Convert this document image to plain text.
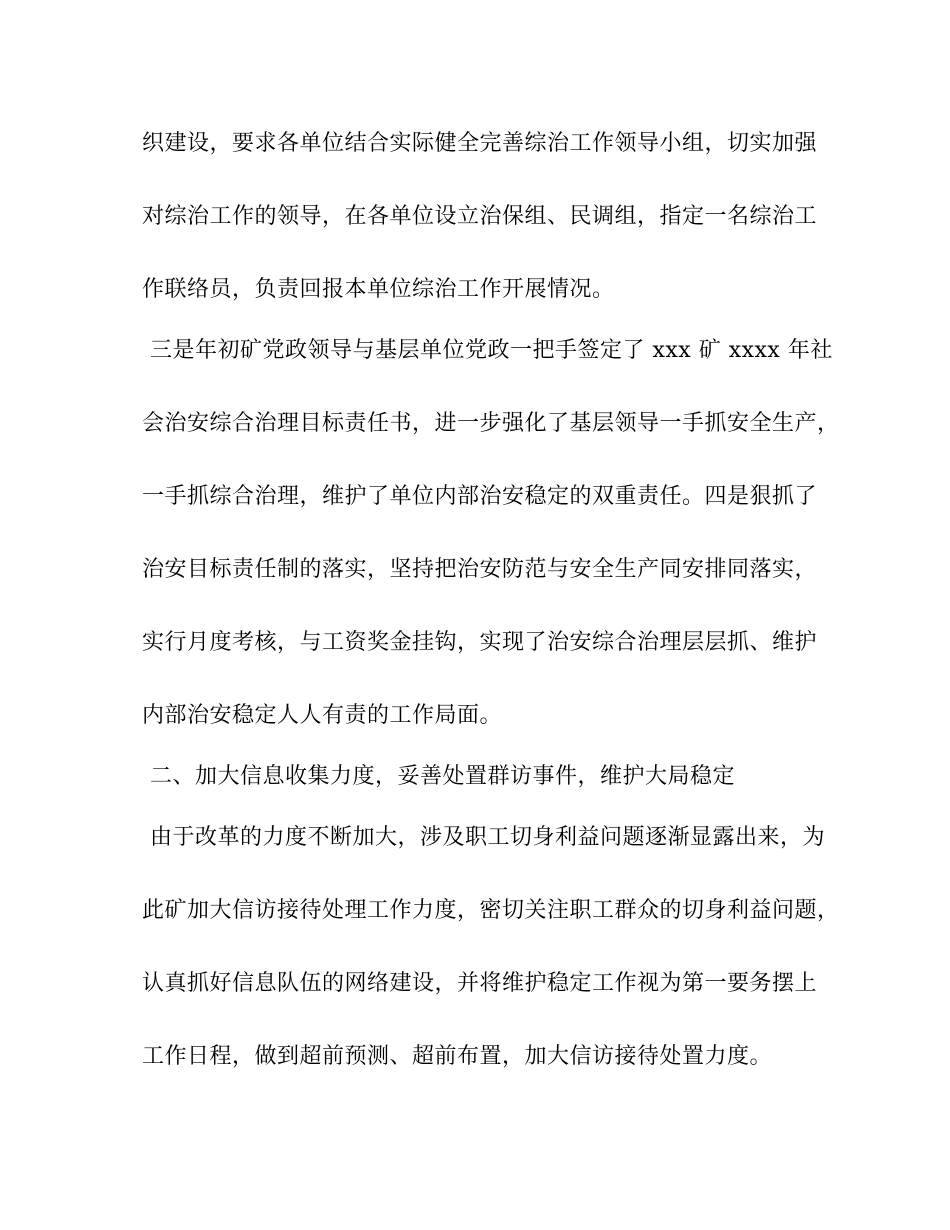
织建设，要求各单位结合实际健全完善综治工作领导小组，切实加强
对综治工作的领导，在各单位设立治保组、民调组，指定一名综治工
作联络员，负责回报本单位综治工作开展情况。
三是年初矿党政领导与基层单位党政一把手签定了 xxx 矿 xxxx 年社
会治安综合治理目标责任书，进一步强化了基层领导一手抓安全生产，
一手抓综合治理，维护了单位内部治安稳定的双重责任。四是狠抓了
治安目标责任制的落实，坚持把治安防范与安全生产同安排同落实，
实行月度考核，与工资奖金挂钩，实现了治安综合治理层层抓、维护
内部治安稳定人人有责的工作局面。
二、加大信息收集力度，妥善处置群访事件，维护大局稳定
由于改革的力度不断加大，涉及职工切身利益问题逐渐显露出来，为
此矿加大信访接待处理工作力度，密切关注职工群众的切身利益问题，
认真抓好信息队伍的网络建设，并将维护稳定工作视为第一要务摆上
工作日程，做到超前预测、超前布置，加大信访接待处置力度。
